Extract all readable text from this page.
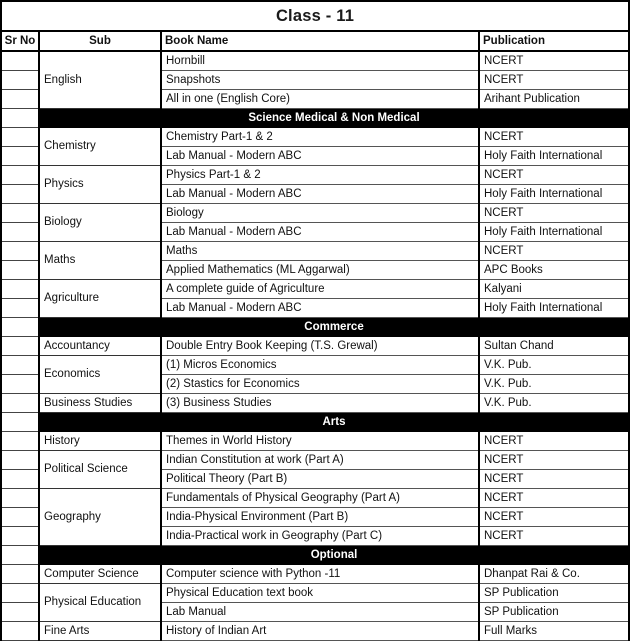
Class - 11			
Sr No	Sub	Book Name	Publication
	English	Hornbill	NCERT
		Snapshots	NCERT
		All in one (English Core)	Arihant Publication
	Science Medical & Non Medical		
	Chemistry	Chemistry Part-1 & 2	NCERT
		Lab Manual - Modern ABC	Holy Faith International
	Physics	Physics Part-1 & 2	NCERT
		Lab Manual - Modern ABC	Holy Faith International
	Biology	Biology	NCERT
		Lab Manual - Modern ABC	Holy Faith International
	Maths	Maths	NCERT
		Applied Mathematics (ML Aggarwal)	APC Books
	Agriculture	A complete guide of Agriculture	Kalyani
		Lab Manual - Modern ABC	Holy Faith International
	Commerce		
	Accountancy	Double Entry Book Keeping (T.S. Grewal)	Sultan Chand
	Economics	(1) Micros Economics	V.K. Pub.
		(2) Stastics for Economics	V.K. Pub.
	Business Studies	(3) Business Studies	V.K. Pub.
	Arts		
	History	Themes in World History	NCERT
	Political Science	Indian Constitution at work (Part A)	NCERT
		Political Theory (Part B)	NCERT
	Geography	Fundamentals of Physical Geography (Part A)	NCERT
		India-Physical Environment (Part B)	NCERT
		India-Practical work in Geography (Part C)	NCERT
	Optional		
	Computer Science	Computer science with Python -11	Dhanpat Rai & Co.
	Physical Education	Physical Education text book	SP Publication
		Lab Manual	SP Publication
	Fine Arts	History of Indian Art	Full Marks
